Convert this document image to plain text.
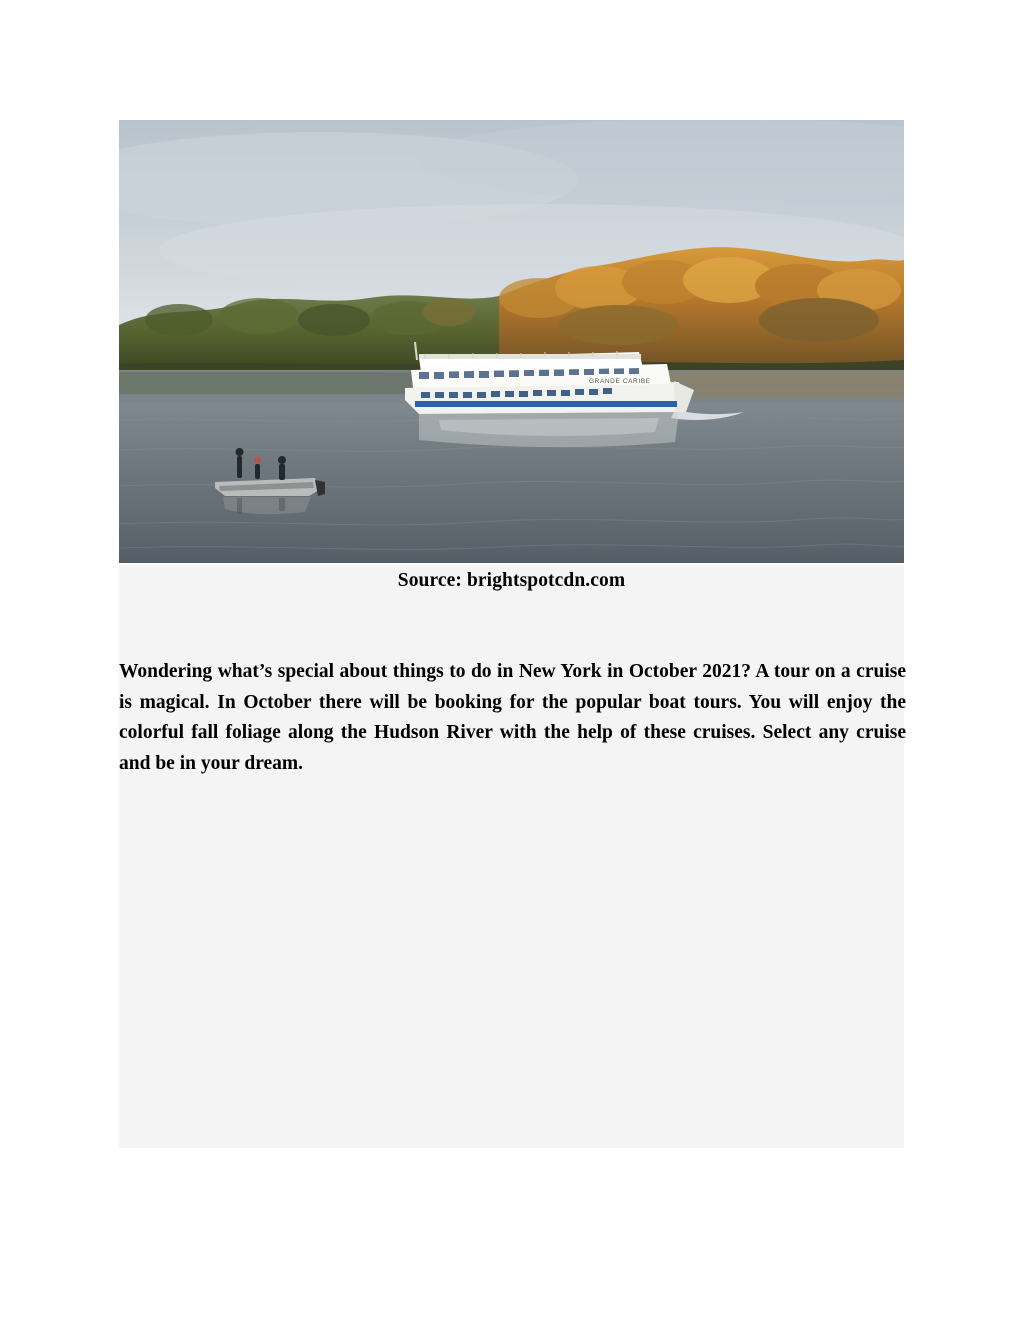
GRANDE CARIBE
Source: brightspotcdn.com

Wondering what’s special about things to do in New York in October 2021? A tour on a cruise is magical. In October there will be booking for the popular boat tours. You will enjoy the colorful fall foliage along the Hudson River with the help of these cruises. Select any cruise and be in your dream.
